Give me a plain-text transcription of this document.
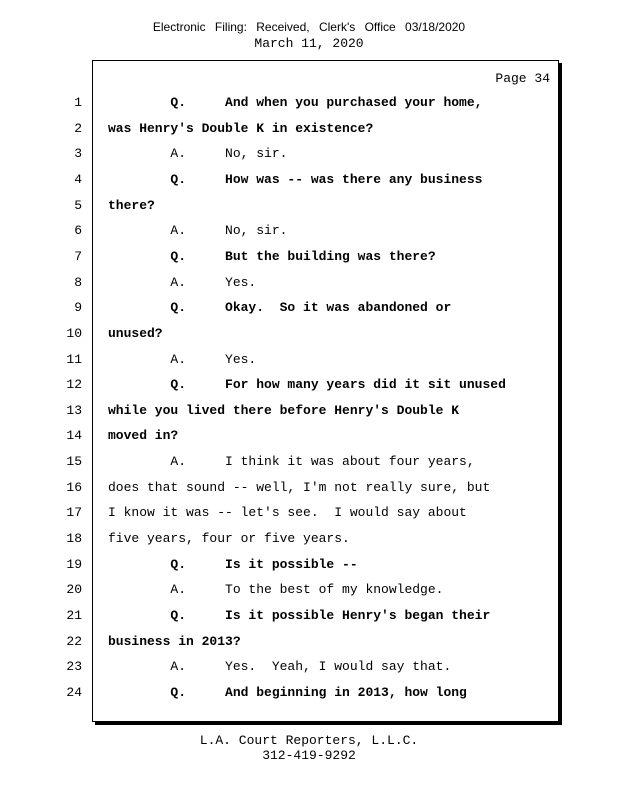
Electronic Filing: Received, Clerk's Office 03/18/2020
March 11, 2020
Page 34
1 Q.     And when you purchased your home,
2 was Henry's Double K in existence?
3 A.     No, sir.
4 Q.     How was -- was there any business
5 there?
6 A.     No, sir.
7 Q.     But the building was there?
8 A.     Yes.
9 Q.     Okay.  So it was abandoned or
10 unused?
11 A.     Yes.
12 Q.     For how many years did it sit unused
13 while you lived there before Henry's Double K
14 moved in?
15 A.     I think it was about four years,
16 does that sound -- well, I'm not really sure, but
17 I know it was -- let's see.  I would say about
18 five years, four or five years.
19 Q.     Is it possible --
20 A.     To the best of my knowledge.
21 Q.     Is it possible Henry's began their
22 business in 2013?
23 A.     Yes.  Yeah, I would say that.
24 Q.     And beginning in 2013, how long
L.A. Court Reporters, L.L.C.
312-419-9292
